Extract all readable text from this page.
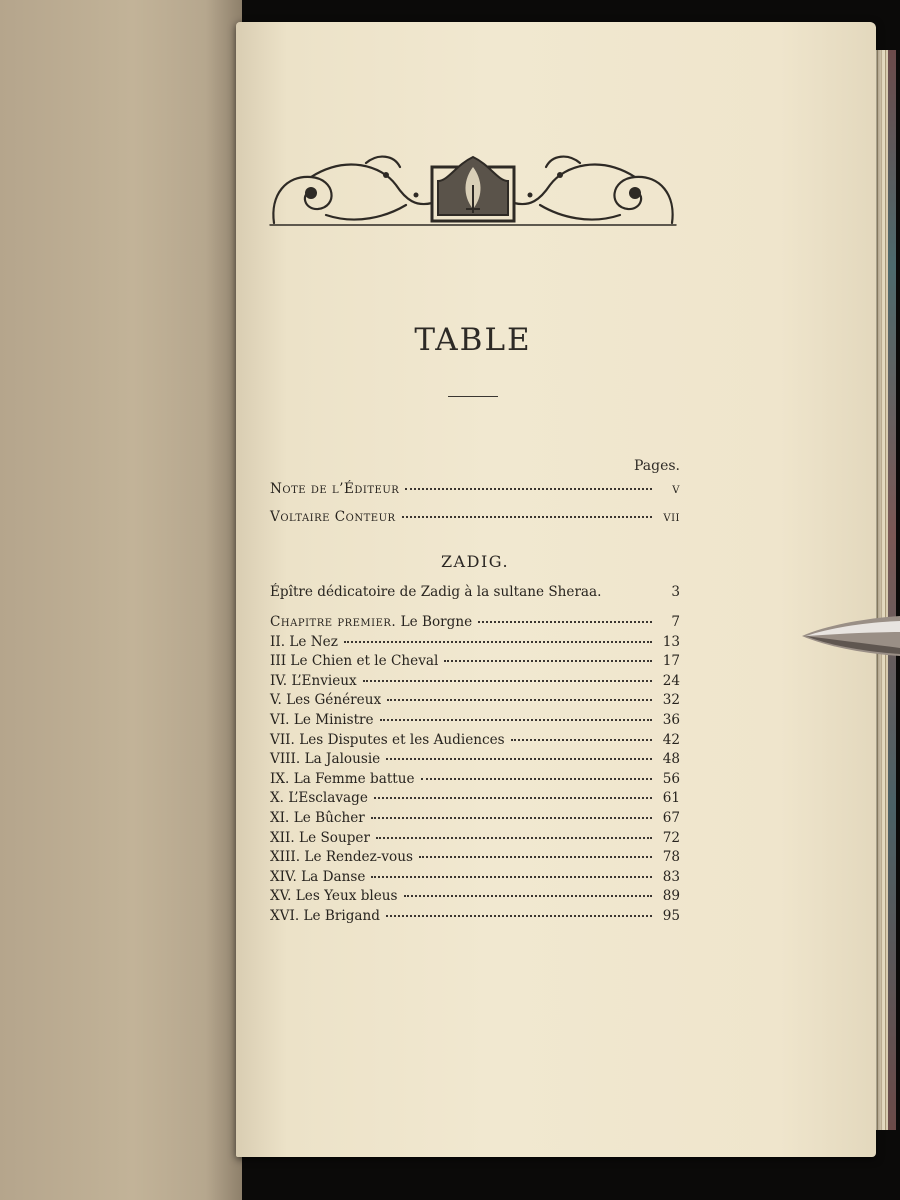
TABLE
Pages.
Note de l’Éditeur	v
Voltaire Conteur	vii
ZADIG.
Épître dédicatoire de Zadig à la sultane Sheraa.	3
Chapitre premier. Le Borgne	7
II. Le Nez	13
III Le Chien et le Cheval	17
IV. L’Envieux	24
V. Les Généreux	32
VI. Le Ministre	36
VII. Les Disputes et les Audiences	42
VIII. La Jalousie	48
IX. La Femme battue	56
X. L’Esclavage	61
XI. Le Bûcher	67
XII. Le Souper	72
XIII. Le Rendez-vous	78
XIV. La Danse	83
XV. Les Yeux bleus	89
XVI. Le Brigand	95
